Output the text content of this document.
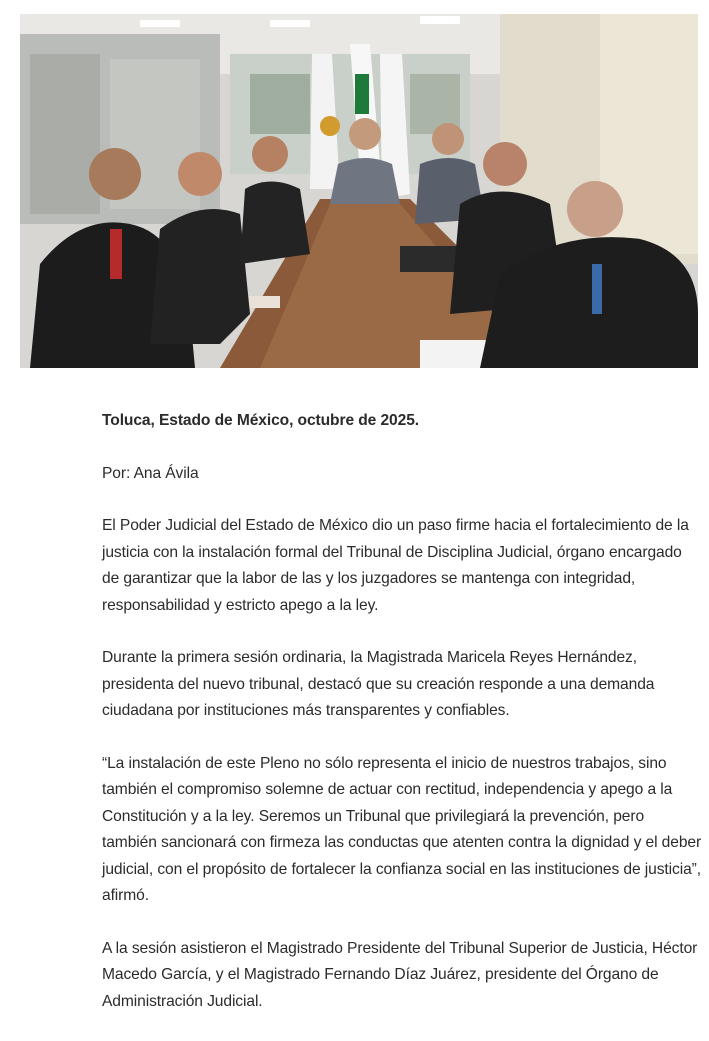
Toluca, Estado de México, octubre de 2025.

Por: Ana Ávila

El Poder Judicial del Estado de México dio un paso firme hacia el fortalecimiento de la justicia con la instalación formal del Tribunal de Disciplina Judicial, órgano encargado de garantizar que la labor de las y los juzgadores se mantenga con integridad, responsabilidad y estricto apego a la ley.

Durante la primera sesión ordinaria, la Magistrada Maricela Reyes Hernández, presidenta del nuevo tribunal, destacó que su creación responde a una demanda ciudadana por instituciones más transparentes y confiables.

“La instalación de este Pleno no sólo representa el inicio de nuestros trabajos, sino también el compromiso solemne de actuar con rectitud, independencia y apego a la Constitución y a la ley. Seremos un Tribunal que privilegiará la prevención, pero también sancionará con firmeza las conductas que atenten contra la dignidad y el deber judicial, con el propósito de fortalecer la confianza social en las instituciones de justicia”, afirmó.

A la sesión asistieron el Magistrado Presidente del Tribunal Superior de Justicia, Héctor Macedo García, y el Magistrado Fernando Díaz Juárez, presidente del Órgano de Administración Judicial.
